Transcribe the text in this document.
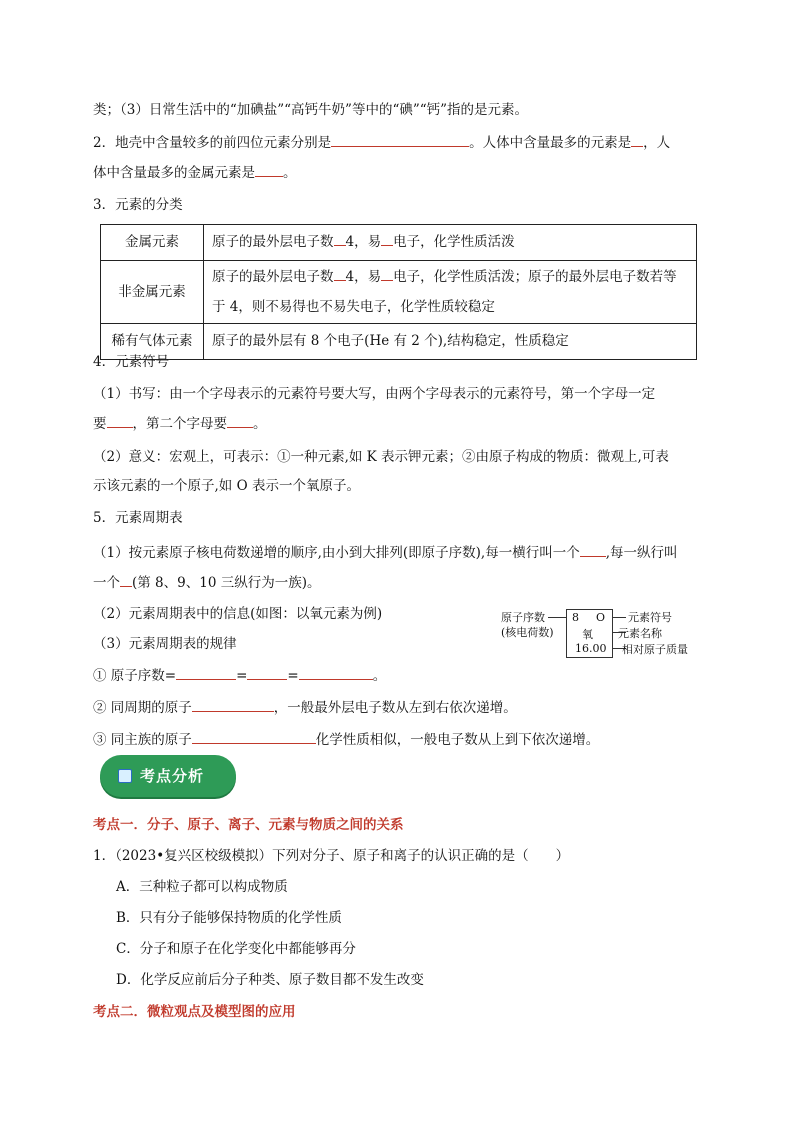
类；（3）日常生活中的“加碘盐”“高钙牛奶”等中的“碘”“钙”指的是元素。
2．地壳中含量较多的前四位元素分别是	。人体中含量最多的元素是 ，人
体中含量最多的金属元素是 。
3．元素的分类
金属元素	原子的最外层电子数 4，易 电子，化学性质活泼
非金属元素	原子的最外层电子数 4，易 电子，化学性质活泼；原子的最外层电子数若等
于 4，则不易得也不易失电子，化学性质较稳定
稀有气体元素	原子的最外层有 8 个电子(He 有 2 个),结构稳定，性质稳定
4．元素符号
（1）书写：由一个字母表示的元素符号要大写，由两个字母表示的元素符号，第一个字母一定
要 ，第二个字母要 。
（2）意义：宏观上，可表示：①一种元素,如 K 表示钾元素；②由原子构成的物质：微观上,可表
示该元素的一个原子,如 O 表示一个氧原子。
5．元素周期表
（1）按元素原子核电荷数递增的顺序,由小到大排列(即原子序数),每一横行叫一个 ,每一纵行叫
一个 (第 8、9、10 三纵行为一族)。
（2）元素周期表中的信息(如图：以氧元素为例)
（3）元素周期表的规律
① 原子序数=	=	=	。
② 同周期的原子	，一般最外层电子数从左到右依次递增。
③ 同主族的原子	化学性质相似，一般电子数从上到下依次递增。
原子序数
(核电荷数)
8 O
氧
16.00
元素符号
元素名称
相对原子质量
考点分析
考点一．分子、原子、离子、元素与物质之间的关系
1．（2023•复兴区校级模拟）下列对分子、原子和离子的认识正确的是（　　）
A．三种粒子都可以构成物质
B．只有分子能够保持物质的化学性质
C．分子和原子在化学变化中都能够再分
D．化学反应前后分子种类、原子数目都不发生改变
考点二．微粒观点及模型图的应用
